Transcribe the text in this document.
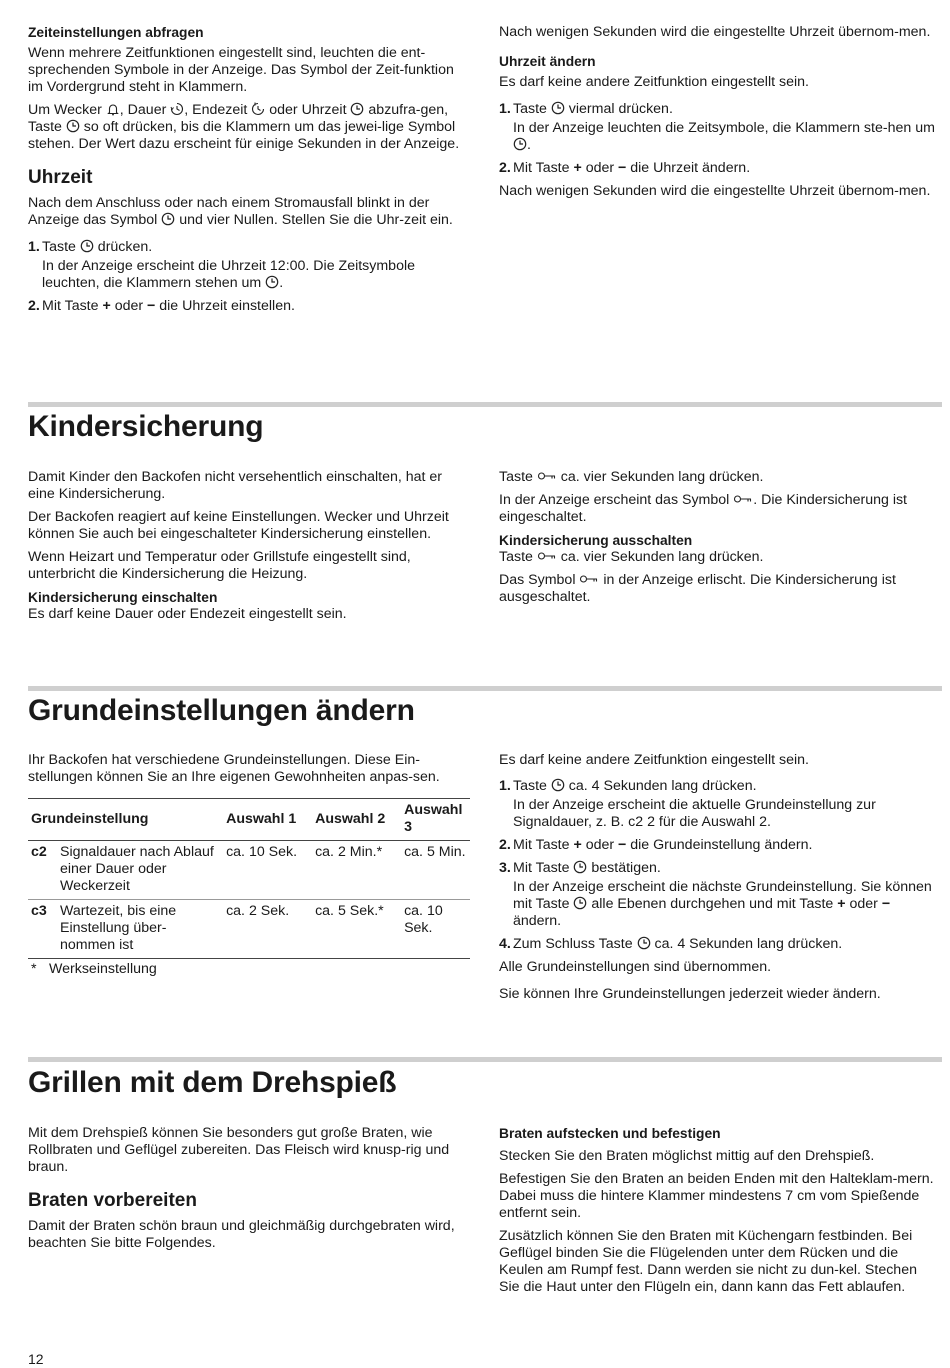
Zeiteinstellungen abfragen

Wenn mehrere Zeitfunktionen eingestellt sind, leuchten die ent-sprechenden Symbole in der Anzeige. Das Symbol der Zeit-funktion im Vordergrund steht in Klammern.

Um Wecker
, Dauer
, Endezeit
oder Uhrzeit
abzufra-gen, Taste
so oft drücken, bis die Klammern um das jewei-lige Symbol stehen. Der Wert dazu erscheint für einige Sekunden in der Anzeige.

Uhrzeit

Nach dem Anschluss oder nach einem Stromausfall blinkt in der Anzeige das Symbol
und vier Nullen. Stellen Sie die Uhr-zeit ein.

1. Taste
drücken.
In der Anzeige erscheint die Uhrzeit 12:00. Die Zeitsymbole leuchten, die Klammern stehen um
.
2. Mit Taste + oder − die Uhrzeit einstellen.

Nach wenigen Sekunden wird die eingestellte Uhrzeit übernom-men.

Uhrzeit ändern

Es darf keine andere Zeitfunktion eingestellt sein.

1. Taste
viermal drücken.
In der Anzeige leuchten die Zeitsymbole, die Klammern ste-hen um
.
2. Mit Taste + oder − die Uhrzeit ändern.

Nach wenigen Sekunden wird die eingestellte Uhrzeit übernom-men.

Kindersicherung

Damit Kinder den Backofen nicht versehentlich einschalten, hat er eine Kindersicherung.

Der Backofen reagiert auf keine Einstellungen. Wecker und Uhrzeit können Sie auch bei eingeschalteter Kindersicherung einstellen.

Wenn Heizart und Temperatur oder Grillstufe eingestellt sind, unterbricht die Kindersicherung die Heizung.

Kindersicherung einschalten

Es darf keine Dauer oder Endezeit eingestellt sein.

Taste
ca. vier Sekunden lang drücken.

In der Anzeige erscheint das Symbol
. Die Kindersicherung ist eingeschaltet.

Kindersicherung ausschalten

Taste
ca. vier Sekunden lang drücken.

Das Symbol
in der Anzeige erlischt. Die Kindersicherung ist ausgeschaltet.

Grundeinstellungen ändern

Ihr Backofen hat verschiedene Grundeinstellungen. Diese Ein-stellungen können Sie an Ihre eigenen Gewohnheiten anpas-sen.

Grundeinstellung		Auswahl 1	Auswahl 2	Auswahl 3
c2	Signaldauer nach Ablauf einer Dauer oder Weckerzeit	ca. 10 Sek.	ca. 2 Min.*	ca. 5 Min.
c3	Wartezeit, bis eine Einstellung über-nommen ist	ca. 2 Sek.	ca. 5 Sek.*	ca. 10 Sek.
* Werkseinstellung

Es darf keine andere Zeitfunktion eingestellt sein.

1. Taste
ca. 4 Sekunden lang drücken.
In der Anzeige erscheint die aktuelle Grundeinstellung zur Signaldauer, z. B. c2 2 für die Auswahl 2.
2. Mit Taste + oder − die Grundeinstellung ändern.
3. Mit Taste
bestätigen.
In der Anzeige erscheint die nächste Grundeinstellung. Sie können mit Taste
alle Ebenen durchgehen und mit Taste + oder − ändern.
4. Zum Schluss Taste
ca. 4 Sekunden lang drücken.

Alle Grundeinstellungen sind übernommen.

Sie können Ihre Grundeinstellungen jederzeit wieder ändern.

Grillen mit dem Drehspieß

Mit dem Drehspieß können Sie besonders gut große Braten, wie Rollbraten und Geflügel zubereiten. Das Fleisch wird knusp-rig und braun.

Braten vorbereiten

Damit der Braten schön braun und gleichmäßig durchgebraten wird, beachten Sie bitte Folgendes.

Braten aufstecken und befestigen

Stecken Sie den Braten möglichst mittig auf den Drehspieß.

Befestigen Sie den Braten an beiden Enden mit den Halteklam-mern. Dabei muss die hintere Klammer mindestens 7 cm vom Spießende entfernt sein.

Zusätzlich können Sie den Braten mit Küchengarn festbinden. Bei Geflügel binden Sie die Flügelenden unter dem Rücken und die Keulen am Rumpf fest. Dann werden sie nicht zu dun-kel. Stechen Sie die Haut unter den Flügeln ein, dann kann das Fett ablaufen.

12
